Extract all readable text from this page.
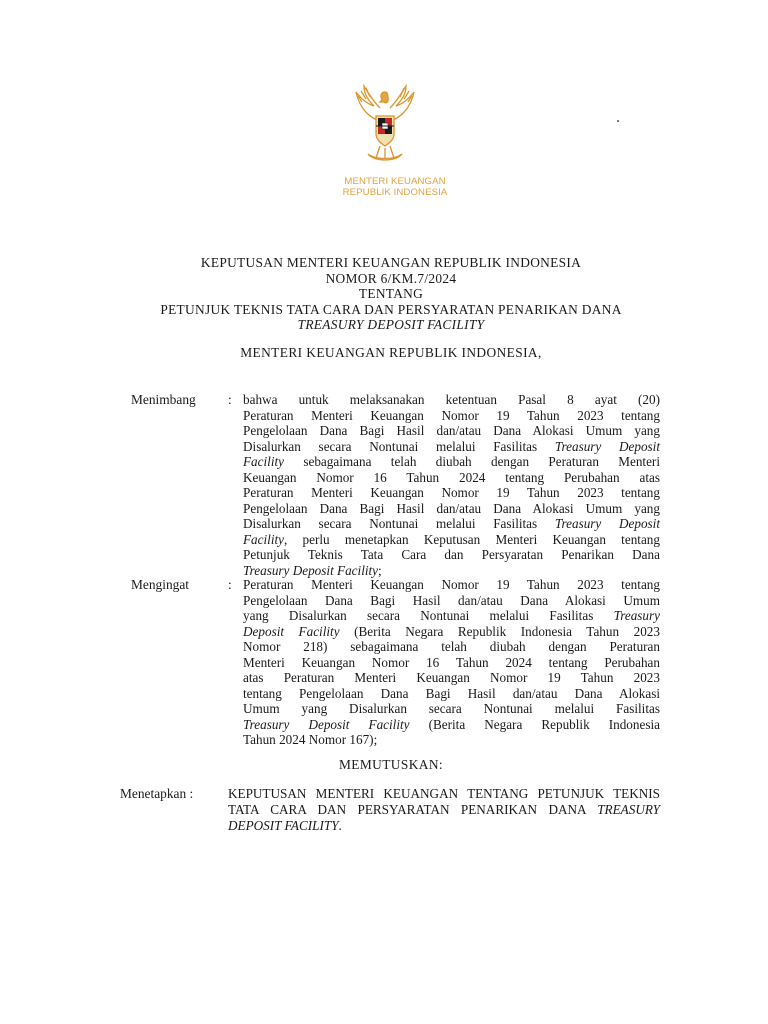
MENTERI KEUANGAN
REPUBLIK INDONESIA
KEPUTUSAN MENTERI KEUANGAN REPUBLIK INDONESIA
NOMOR 6/KM.7/2024
TENTANG
PETUNJUK TEKNIS TATA CARA DAN PERSYARATAN PENARIKAN DANA
TREASURY DEPOSIT FACILITY
MENTERI KEUANGAN REPUBLIK INDONESIA,
Menimbang : bahwa untuk melaksanakan ketentuan Pasal 8 ayat (20)
Peraturan Menteri Keuangan Nomor 19 Tahun 2023 tentang
Pengelolaan Dana Bagi Hasil dan/atau Dana Alokasi Umum yang
Disalurkan secara Nontunai melalui Fasilitas Treasury Deposit
Facility sebagaimana telah diubah dengan Peraturan Menteri
Keuangan Nomor 16 Tahun 2024 tentang Perubahan atas
Peraturan Menteri Keuangan Nomor 19 Tahun 2023 tentang
Pengelolaan Dana Bagi Hasil dan/atau Dana Alokasi Umum yang
Disalurkan secara Nontunai melalui Fasilitas Treasury Deposit
Facility, perlu menetapkan Keputusan Menteri Keuangan tentang
Petunjuk Teknis Tata Cara dan Persyaratan Penarikan Dana
Treasury Deposit Facility;
Mengingat	: Peraturan Menteri Keuangan Nomor 19 Tahun 2023 tentang
Pengelolaan Dana Bagi Hasil dan/atau Dana Alokasi Umum
yang Disalurkan secara Nontunai melalui Fasilitas Treasury
Deposit Facility (Berita Negara Republik Indonesia Tahun 2023
Nomor 218) sebagaimana telah diubah dengan Peraturan
Menteri Keuangan Nomor 16 Tahun 2024 tentang Perubahan
atas Peraturan Menteri Keuangan Nomor 19 Tahun 2023
tentang Pengelolaan Dana Bagi Hasil dan/atau Dana Alokasi
Umum yang Disalurkan secara Nontunai melalui Fasilitas
Treasury Deposit Facility (Berita Negara Republik Indonesia
Tahun 2024 Nomor 167);
MEMUTUSKAN:
Menetapkan :	KEPUTUSAN MENTERI KEUANGAN TENTANG PETUNJUK TEKNIS
TATA CARA DAN PERSYARATAN PENARIKAN DANA TREASURY
DEPOSIT FACILITY.
